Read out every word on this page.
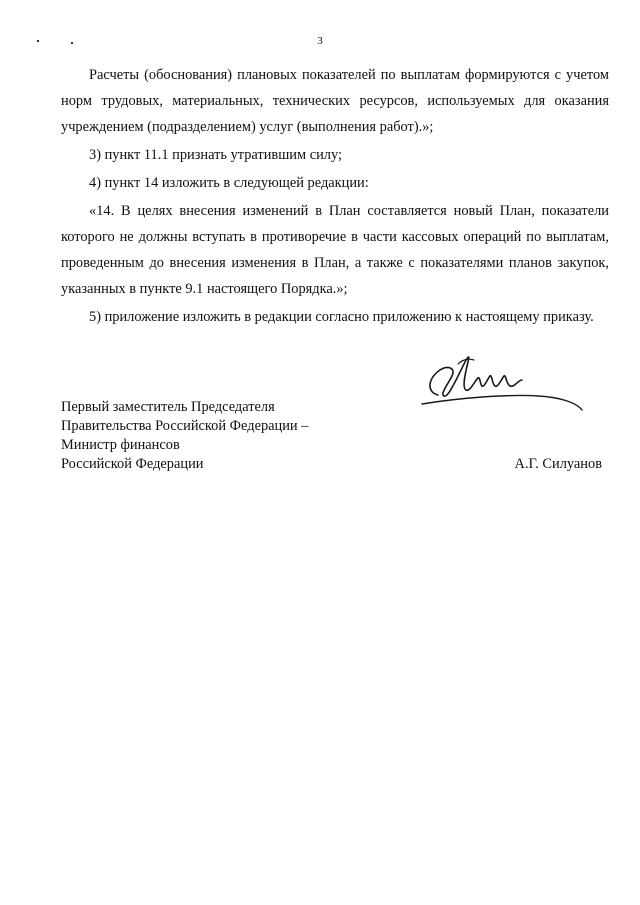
3

Расчеты (обоснования) плановых показателей по выплатам формируются с учетом норм трудовых, материальных, технических ресурсов, используемых для оказания учреждением (подразделением) услуг (выполнения работ).»;

3) пункт 11.1 признать утратившим силу;

4) пункт 14 изложить в следующей редакции:

«14. В целях внесения изменений в План составляется новый План, показатели которого не должны вступать в противоречие в части кассовых операций по выплатам, проведенным до внесения изменения в План, а также с показателями планов закупок, указанных в пункте 9.1 настоящего Порядка.»;

5) приложение изложить в редакции согласно приложению к настоящему приказу.

Первый заместитель Председателя
Правительства Российской Федерации –
Министр финансов
Российской Федерации	А.Г. Силуанов
